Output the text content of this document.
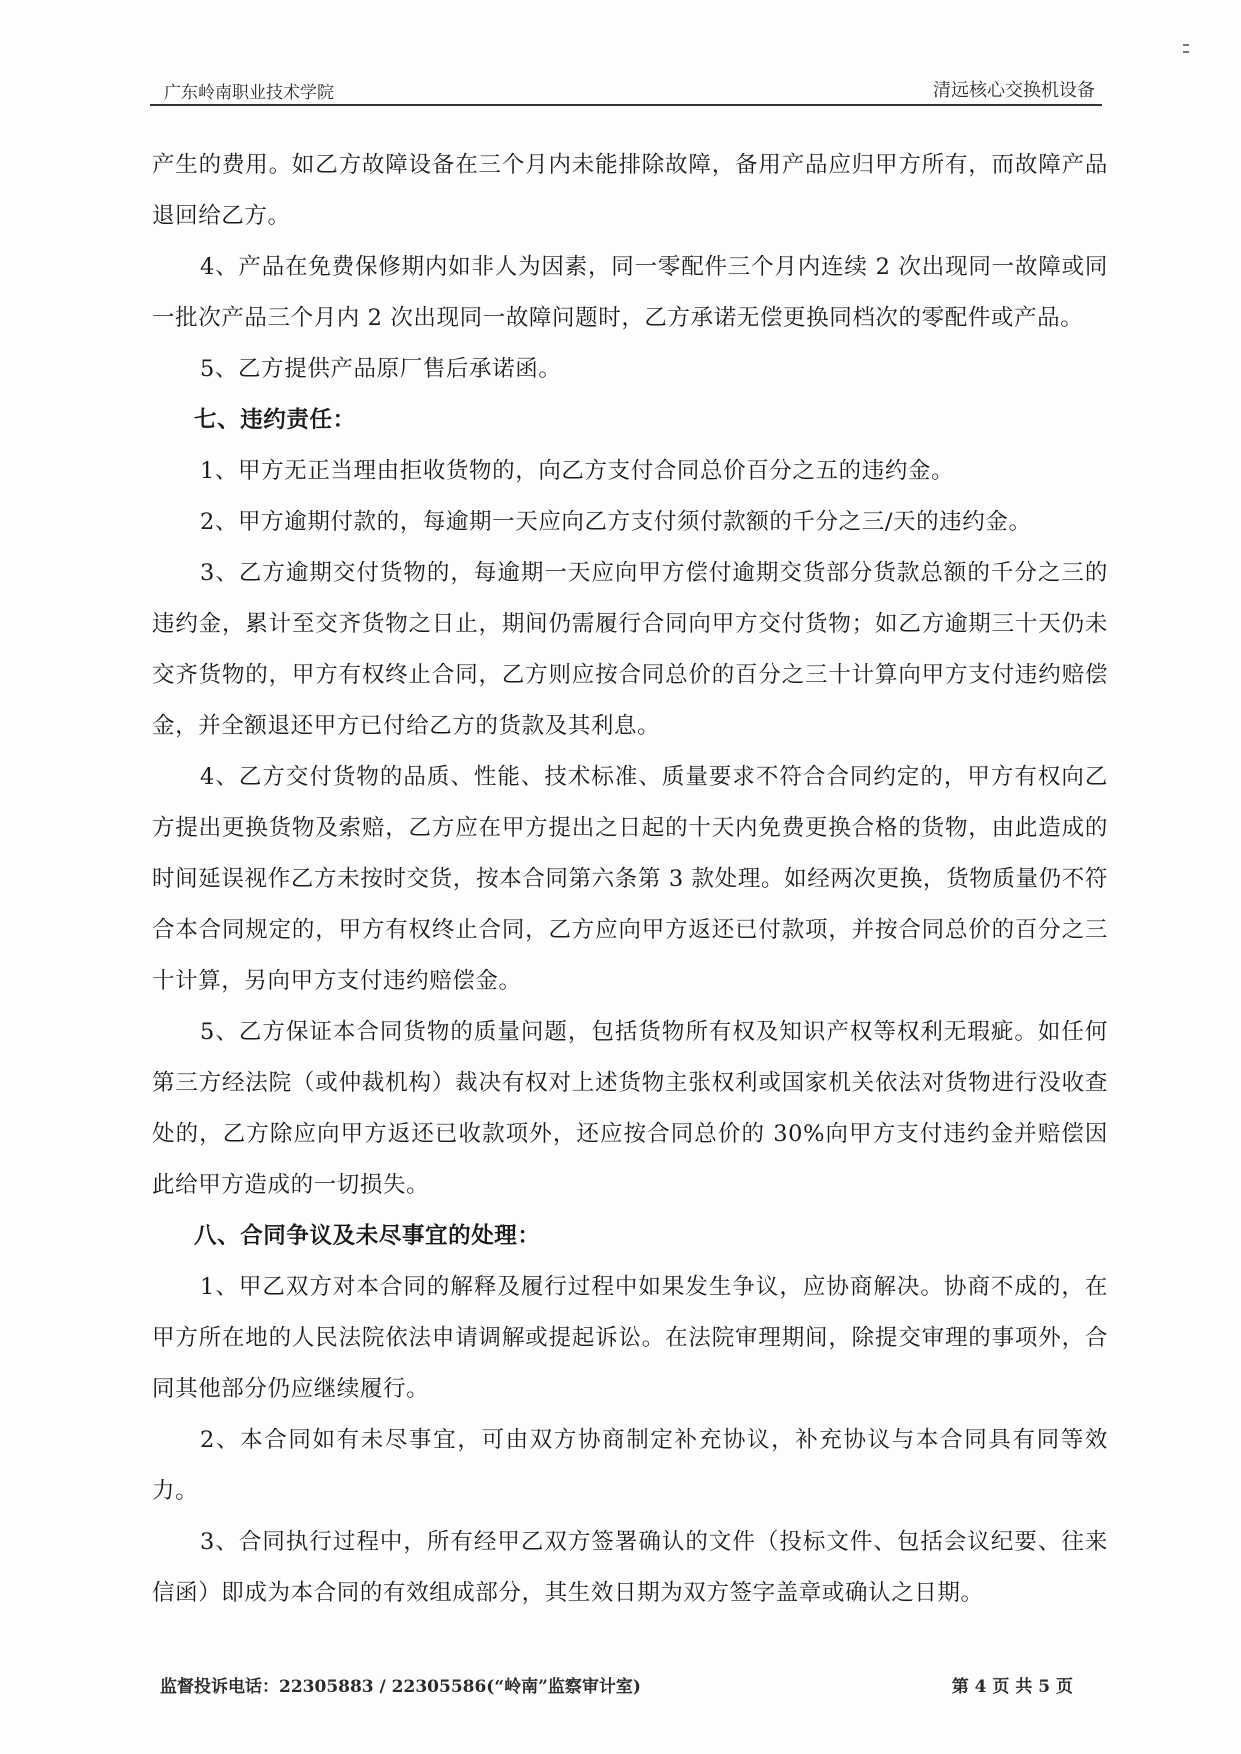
广东岭南职业技术学院	清远核心交换机设备

产生的费用。如乙方故障设备在三个月内未能排除故障，备用产品应归甲方所有，而故障产品退回给乙方。

4、产品在免费保修期内如非人为因素，同一零配件三个月内连续 2 次出现同一故障或同一批次产品三个月内 2 次出现同一故障问题时，乙方承诺无偿更换同档次的零配件或产品。

5、乙方提供产品原厂售后承诺函。

七、违约责任：

1、甲方无正当理由拒收货物的，向乙方支付合同总价百分之五的违约金。

2、甲方逾期付款的，每逾期一天应向乙方支付须付款额的千分之三/天的违约金。

3、乙方逾期交付货物的，每逾期一天应向甲方偿付逾期交货部分货款总额的千分之三的违约金，累计至交齐货物之日止，期间仍需履行合同向甲方交付货物；如乙方逾期三十天仍未交齐货物的，甲方有权终止合同，乙方则应按合同总价的百分之三十计算向甲方支付违约赔偿金，并全额退还甲方已付给乙方的货款及其利息。

4、乙方交付货物的品质、性能、技术标准、质量要求不符合合同约定的，甲方有权向乙方提出更换货物及索赔，乙方应在甲方提出之日起的十天内免费更换合格的货物，由此造成的时间延误视作乙方未按时交货，按本合同第六条第 3 款处理。如经两次更换，货物质量仍不符合本合同规定的，甲方有权终止合同，乙方应向甲方返还已付款项，并按合同总价的百分之三十计算，另向甲方支付违约赔偿金。

5、乙方保证本合同货物的质量问题，包括货物所有权及知识产权等权利无瑕疵。如任何第三方经法院（或仲裁机构）裁决有权对上述货物主张权利或国家机关依法对货物进行没收查处的，乙方除应向甲方返还已收款项外，还应按合同总价的 30%向甲方支付违约金并赔偿因此给甲方造成的一切损失。

八、合同争议及未尽事宜的处理：

1、甲乙双方对本合同的解释及履行过程中如果发生争议，应协商解决。协商不成的，在甲方所在地的人民法院依法申请调解或提起诉讼。在法院审理期间，除提交审理的事项外，合同其他部分仍应继续履行。

2、本合同如有未尽事宜，可由双方协商制定补充协议，补充协议与本合同具有同等效力。

3、合同执行过程中，所有经甲乙双方签署确认的文件（投标文件、包括会议纪要、往来信函）即成为本合同的有效组成部分，其生效日期为双方签字盖章或确认之日期。

监督投诉电话：22305883 / 22305586(“岭南”监察审计室)	第 4 页 共 5 页
